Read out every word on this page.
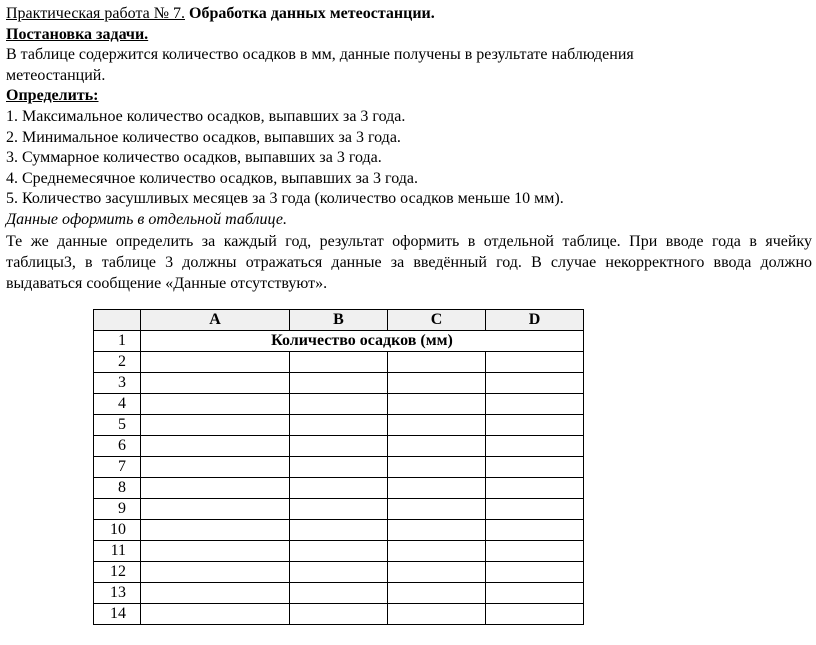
Практическая работа № 7. Обработка данных метеостанции.
Постановка задачи.
В таблице содержится количество осадков в мм, данные получены в результате наблюдения
метеостанций.
Определить:
1. Максимальное количество осадков, выпавших за 3 года.
2. Минимальное количество осадков, выпавших за 3 года.
3. Суммарное количество осадков, выпавших за 3 года.
4. Среднемесячное количество осадков, выпавших за 3 года.
5. Количество засушливых месяцев за 3 года (количество осадков меньше 10 мм).
Данные оформить в отдельной таблице.
Те же данные определить за каждый год, результат оформить в отдельной таблице. При вводе года в ячейку таблицы3, в таблице 3 должны отражаться данные за введённый год. В случае некорректного ввода должно выдаваться сообщение «Данные отсутствуют».
	A	B	C	D
1	Количество осадков (мм)			
2				
3				
4				
5				
6				
7				
8				
9				
10				
11				
12				
13				
14				
